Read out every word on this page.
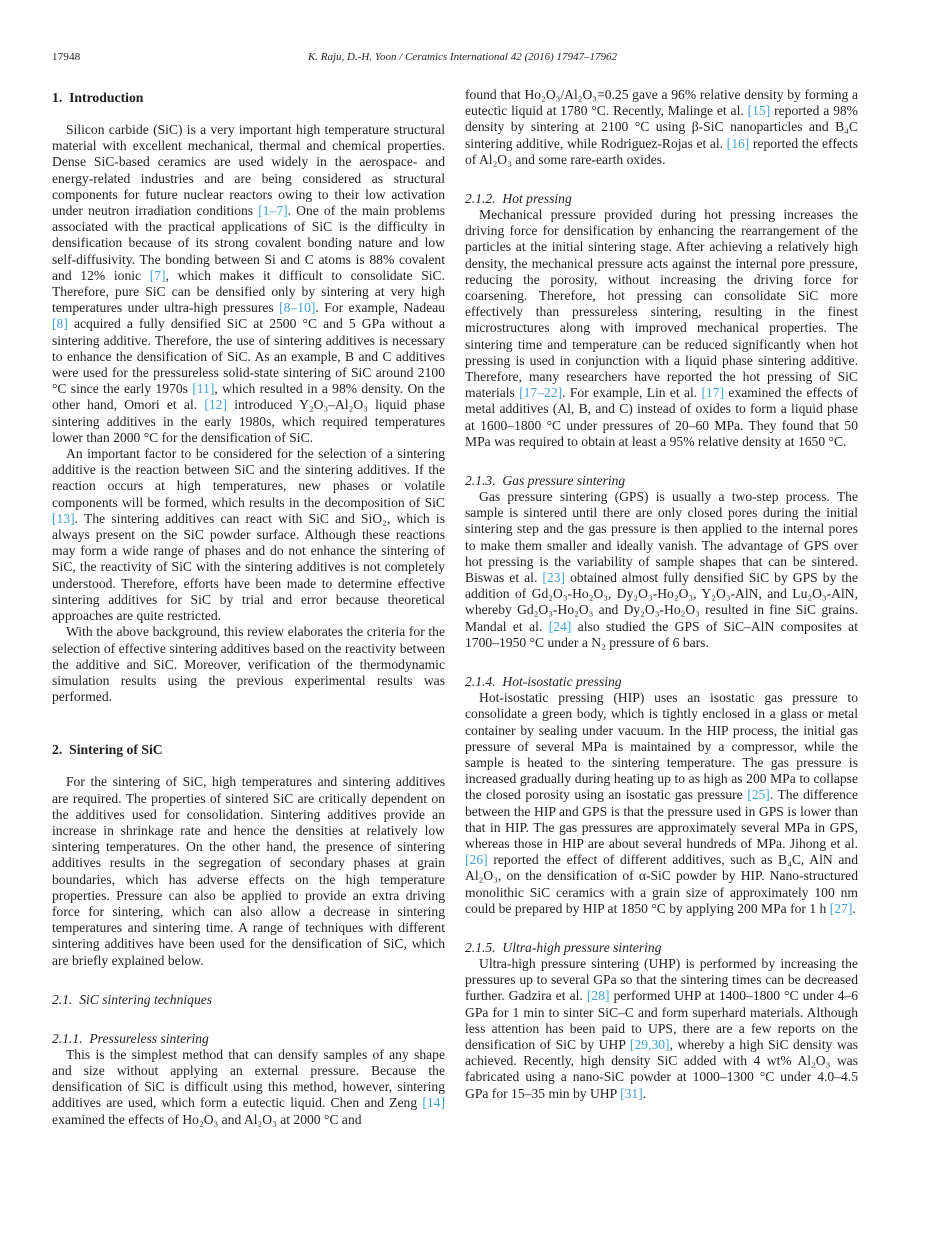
17948	K. Raju, D.-H. Yoon / Ceramics International 42 (2016) 17947–17962
1. Introduction

Silicon carbide (SiC) is a very important high temperature structural material with excellent mechanical, thermal and chemical properties. Dense SiC-based ceramics are used widely in the aerospace- and energy-related industries and are being considered as structural components for future nuclear reactors owing to their low activation under neutron irradiation conditions [1–7]. One of the main problems associated with the practical applications of SiC is the difficulty in densification because of its strong covalent bonding nature and low self-diffusivity. The bonding between Si and C atoms is 88% covalent and 12% ionic [7], which makes it difficult to consolidate SiC. Therefore, pure SiC can be densified only by sintering at very high temperatures under ultra-high pressures [8–10]. For example, Nadeau [8] acquired a fully densified SiC at 2500 °C and 5 GPa without a sintering additive. Therefore, the use of sintering additives is necessary to enhance the densification of SiC. As an example, B and C additives were used for the pressureless solid-state sintering of SiC around 2100 °C since the early 1970s [11], which resulted in a 98% density. On the other hand, Omori et al. [12] introduced Y₂O₃–Al₂O₃ liquid phase sintering additives in the early 1980s, which required temperatures lower than 2000 °C for the densification of SiC.

An important factor to be considered for the selection of a sintering additive is the reaction between SiC and the sintering additives. If the reaction occurs at high temperatures, new phases or volatile components will be formed, which results in the decomposition of SiC [13]. The sintering additives can react with SiC and SiO₂, which is always present on the SiC powder surface. Although these reactions may form a wide range of phases and do not enhance the sintering of SiC, the reactivity of SiC with the sintering additives is not completely understood. Therefore, efforts have been made to determine effective sintering additives for SiC by trial and error because theoretical approaches are quite restricted.

With the above background, this review elaborates the criteria for the selection of effective sintering additives based on the reactivity between the additive and SiC. Moreover, verification of the thermodynamic simulation results using the previous experimental results was performed.

2. Sintering of SiC

For the sintering of SiC, high temperatures and sintering additives are required. The properties of sintered SiC are critically dependent on the additives used for consolidation. Sintering additives provide an increase in shrinkage rate and hence the densities at relatively low sintering temperatures. On the other hand, the presence of sintering additives results in the segregation of secondary phases at grain boundaries, which has adverse effects on the high temperature properties. Pressure can also be applied to provide an extra driving force for sintering, which can also allow a decrease in sintering temperatures and sintering time. A range of techniques with different sintering additives have been used for the densification of SiC, which are briefly explained below.

2.1. SiC sintering techniques
2.1.1. Pressureless sintering

This is the simplest method that can densify samples of any shape and size without applying an external pressure. Because the densification of SiC is difficult using this method, however, sintering additives are used, which form a eutectic liquid. Chen and Zeng [14] examined the effects of Ho₂O₃ and Al₂O₃ at 2000 °C and

found that Ho₂O₃/Al₂O₃=0.25 gave a 96% relative density by forming a eutectic liquid at 1780 °C. Recently, Malinge et al. [15] reported a 98% density by sintering at 2100 °C using β-SiC nanoparticles and B₄C sintering additive, while Rodriguez-Rojas et al. [16] reported the effects of Al₂O₃ and some rare-earth oxides.

2.1.2. Hot pressing

Mechanical pressure provided during hot pressing increases the driving force for densification by enhancing the rearrangement of the particles at the initial sintering stage. After achieving a relatively high density, the mechanical pressure acts against the internal pore pressure, reducing the porosity, without increasing the driving force for coarsening. Therefore, hot pressing can consolidate SiC more effectively than pressureless sintering, resulting in the finest microstructures along with improved mechanical properties. The sintering time and temperature can be reduced significantly when hot pressing is used in conjunction with a liquid phase sintering additive. Therefore, many researchers have reported the hot pressing of SiC materials [17–22]. For example, Lin et al. [17] examined the effects of metal additives (Al, B, and C) instead of oxides to form a liquid phase at 1600–1800 °C under pressures of 20–60 MPa. They found that 50 MPa was required to obtain at least a 95% relative density at 1650 °C.

2.1.3. Gas pressure sintering

Gas pressure sintering (GPS) is usually a two-step process. The sample is sintered until there are only closed pores during the initial sintering step and the gas pressure is then applied to the internal pores to make them smaller and ideally vanish. The advantage of GPS over hot pressing is the variability of sample shapes that can be sintered. Biswas et al. [23] obtained almost fully densified SiC by GPS by the addition of Gd₂O₃-Ho₂O₃, Dy₂O₃-Ho₂O₃, Y₂O₃-AlN, and Lu₂O₃-AlN, whereby Gd₂O₃-Ho₂O₃ and Dy₂O₃-Ho₂O₃ resulted in fine SiC grains. Mandal et al. [24] also studied the GPS of SiC–AlN composites at 1700–1950 °C under a N₂ pressure of 6 bars.

2.1.4. Hot-isostatic pressing

Hot-isostatic pressing (HIP) uses an isostatic gas pressure to consolidate a green body, which is tightly enclosed in a glass or metal container by sealing under vacuum. In the HIP process, the initial gas pressure of several MPa is maintained by a compressor, while the sample is heated to the sintering temperature. The gas pressure is increased gradually during heating up to as high as 200 MPa to collapse the closed porosity using an isostatic gas pressure [25]. The difference between the HIP and GPS is that the pressure used in GPS is lower than that in HIP. The gas pressures are approximately several MPa in GPS, whereas those in HIP are about several hundreds of MPa. Jihong et al. [26] reported the effect of different additives, such as B₄C, AlN and Al₂O₃, on the densification of α-SiC powder by HIP. Nano-structured monolithic SiC ceramics with a grain size of approximately 100 nm could be prepared by HIP at 1850 °C by applying 200 MPa for 1 h [27].

2.1.5. Ultra-high pressure sintering

Ultra-high pressure sintering (UHP) is performed by increasing the pressures up to several GPa so that the sintering times can be decreased further. Gadzira et al. [28] performed UHP at 1400–1800 °C under 4–6 GPa for 1 min to sinter SiC–C and form superhard materials. Although less attention has been paid to UPS, there are a few reports on the densification of SiC by UHP [29,30], whereby a high SiC density was achieved. Recently, high density SiC added with 4 wt% Al₂O₃ was fabricated using a nano-SiC powder at 1000–1300 °C under 4.0–4.5 GPa for 15–35 min by UHP [31].
